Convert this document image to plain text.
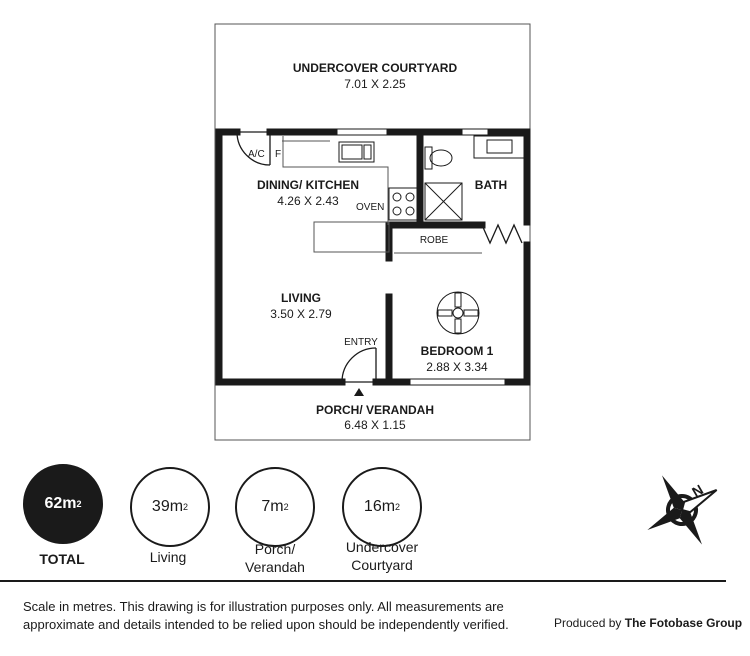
UNDERCOVER COURTYARD
7.01 X 2.25
A/C F
DINING/ KITCHEN
4.26 X 2.43 OVEN
BATH
ROBE
LIVING
3.50 X 2.79
ENTRY
BEDROOM 1
2.88 X 3.34
PORCH/ VERANDAH
6.48 X 1.15
62m 2
TOTAL
39m 2
Living
7m 2
Porch/
Verandah
16m 2
Undercover
Courtyard
N
Scale in metres. This drawing is for illustration purposes only. All measurements are
approximate and details intended to be relied upon should be independently verified.	Produced by The Fotobase Group
